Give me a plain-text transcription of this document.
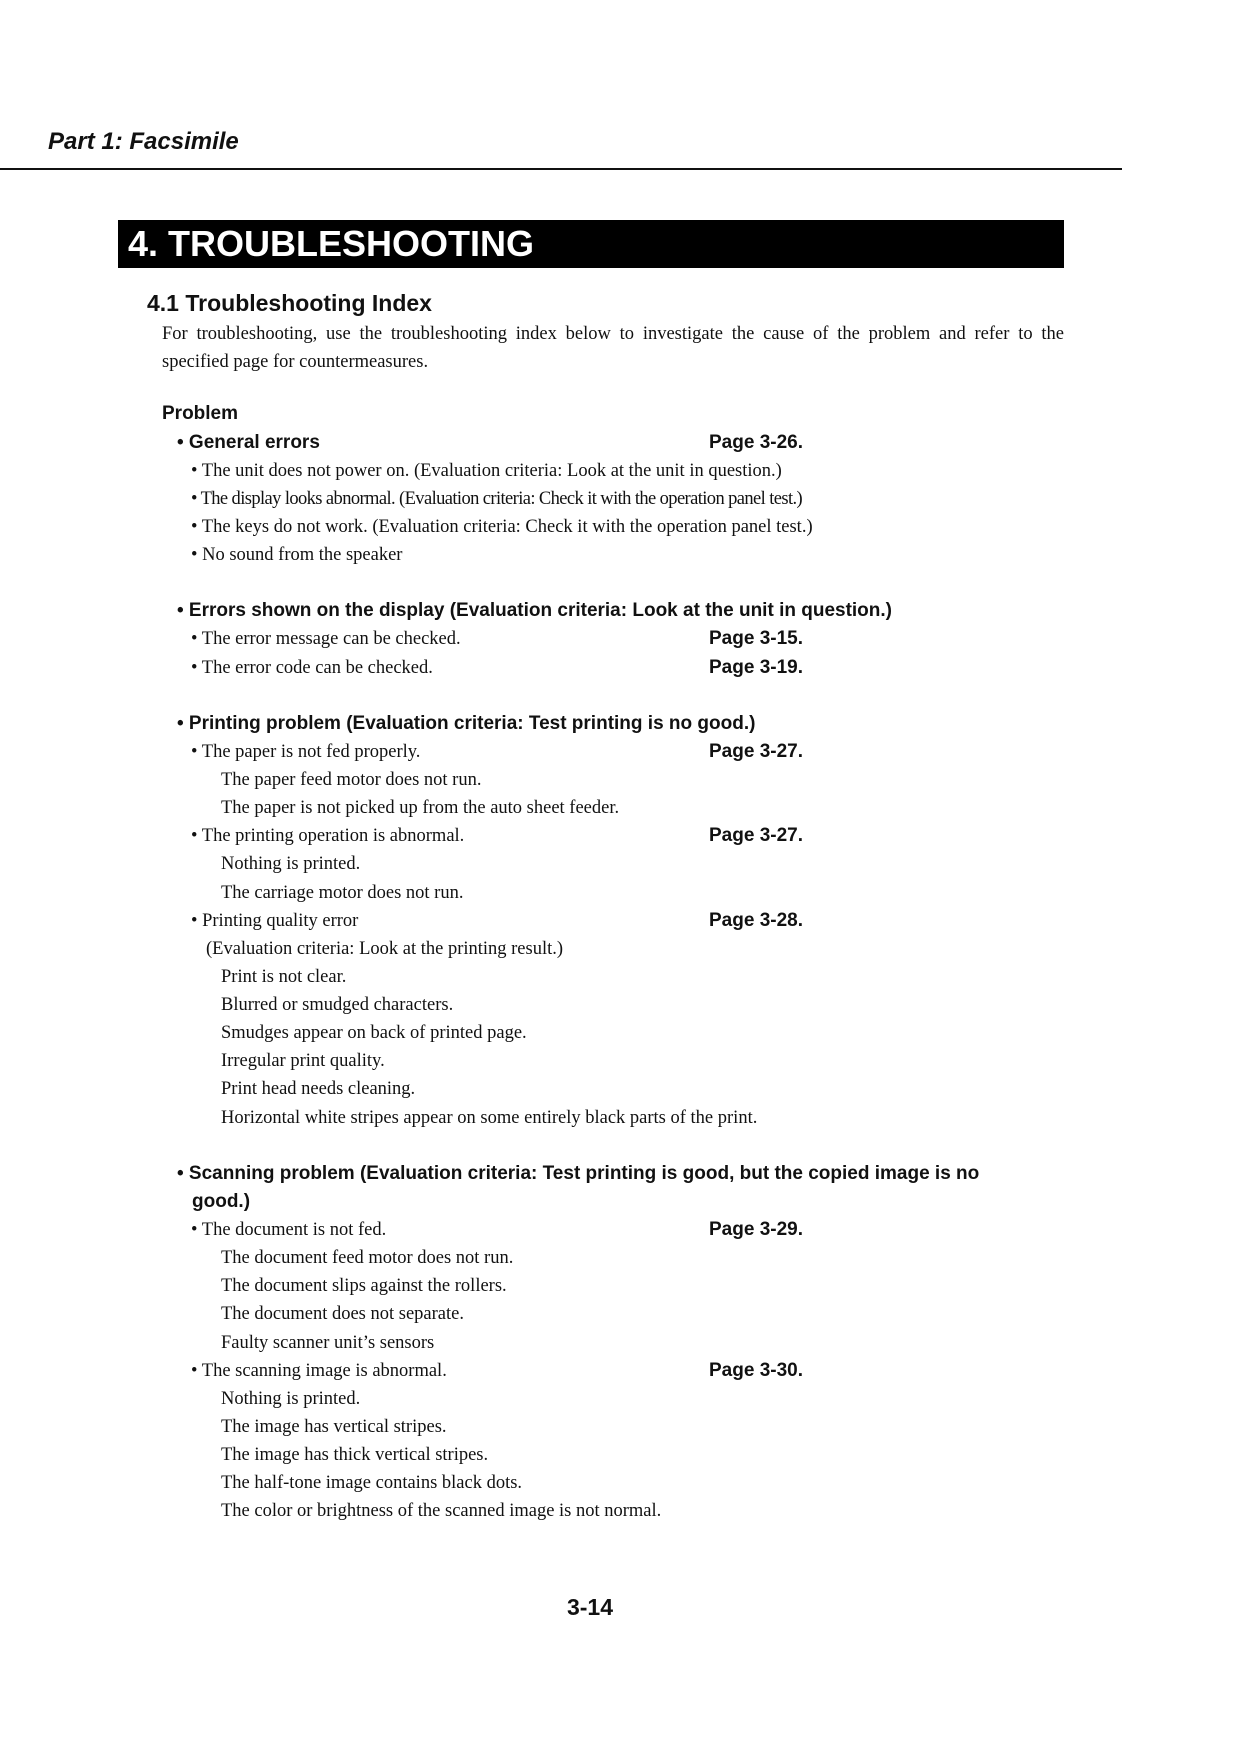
Part 1: Facsimile
4. TROUBLESHOOTING
4.1 Troubleshooting Index

For troubleshooting, use the troubleshooting index below to investigate the cause of the problem and refer to the specified page for countermeasures.

Problem
• General errors	Page 3-26.
• The unit does not power on. (Evaluation criteria: Look at the unit in question.)
• The display looks abnormal. (Evaluation criteria: Check it with the operation panel test.)
• The keys do not work. (Evaluation criteria: Check it with the operation panel test.)
• No sound from the speaker
• Errors shown on the display (Evaluation criteria: Look at the unit in question.)
• The error message can be checked.	Page 3-15.
• The error code can be checked.	Page 3-19.
• Printing problem (Evaluation criteria: Test printing is no good.)
• The paper is not fed properly.	Page 3-27.
The paper feed motor does not run.
The paper is not picked up from the auto sheet feeder.
• The printing operation is abnormal.	Page 3-27.
Nothing is printed.
The carriage motor does not run.
• Printing quality error	Page 3-28.
(Evaluation criteria: Look at the printing result.)
Print is not clear.
Blurred or smudged characters.
Smudges appear on back of printed page.
Irregular print quality.
Print head needs cleaning.
Horizontal white stripes appear on some entirely black parts of the print.
• Scanning problem (Evaluation criteria: Test printing is good, but the copied image is no
good.)
• The document is not fed.	Page 3-29.
The document feed motor does not run.
The document slips against the rollers.
The document does not separate.
Faulty scanner unit’s sensors
• The scanning image is abnormal.	Page 3-30.
Nothing is printed.
The image has vertical stripes.
The image has thick vertical stripes.
The half-tone image contains black dots.
The color or brightness of the scanned image is not normal.
3-14
